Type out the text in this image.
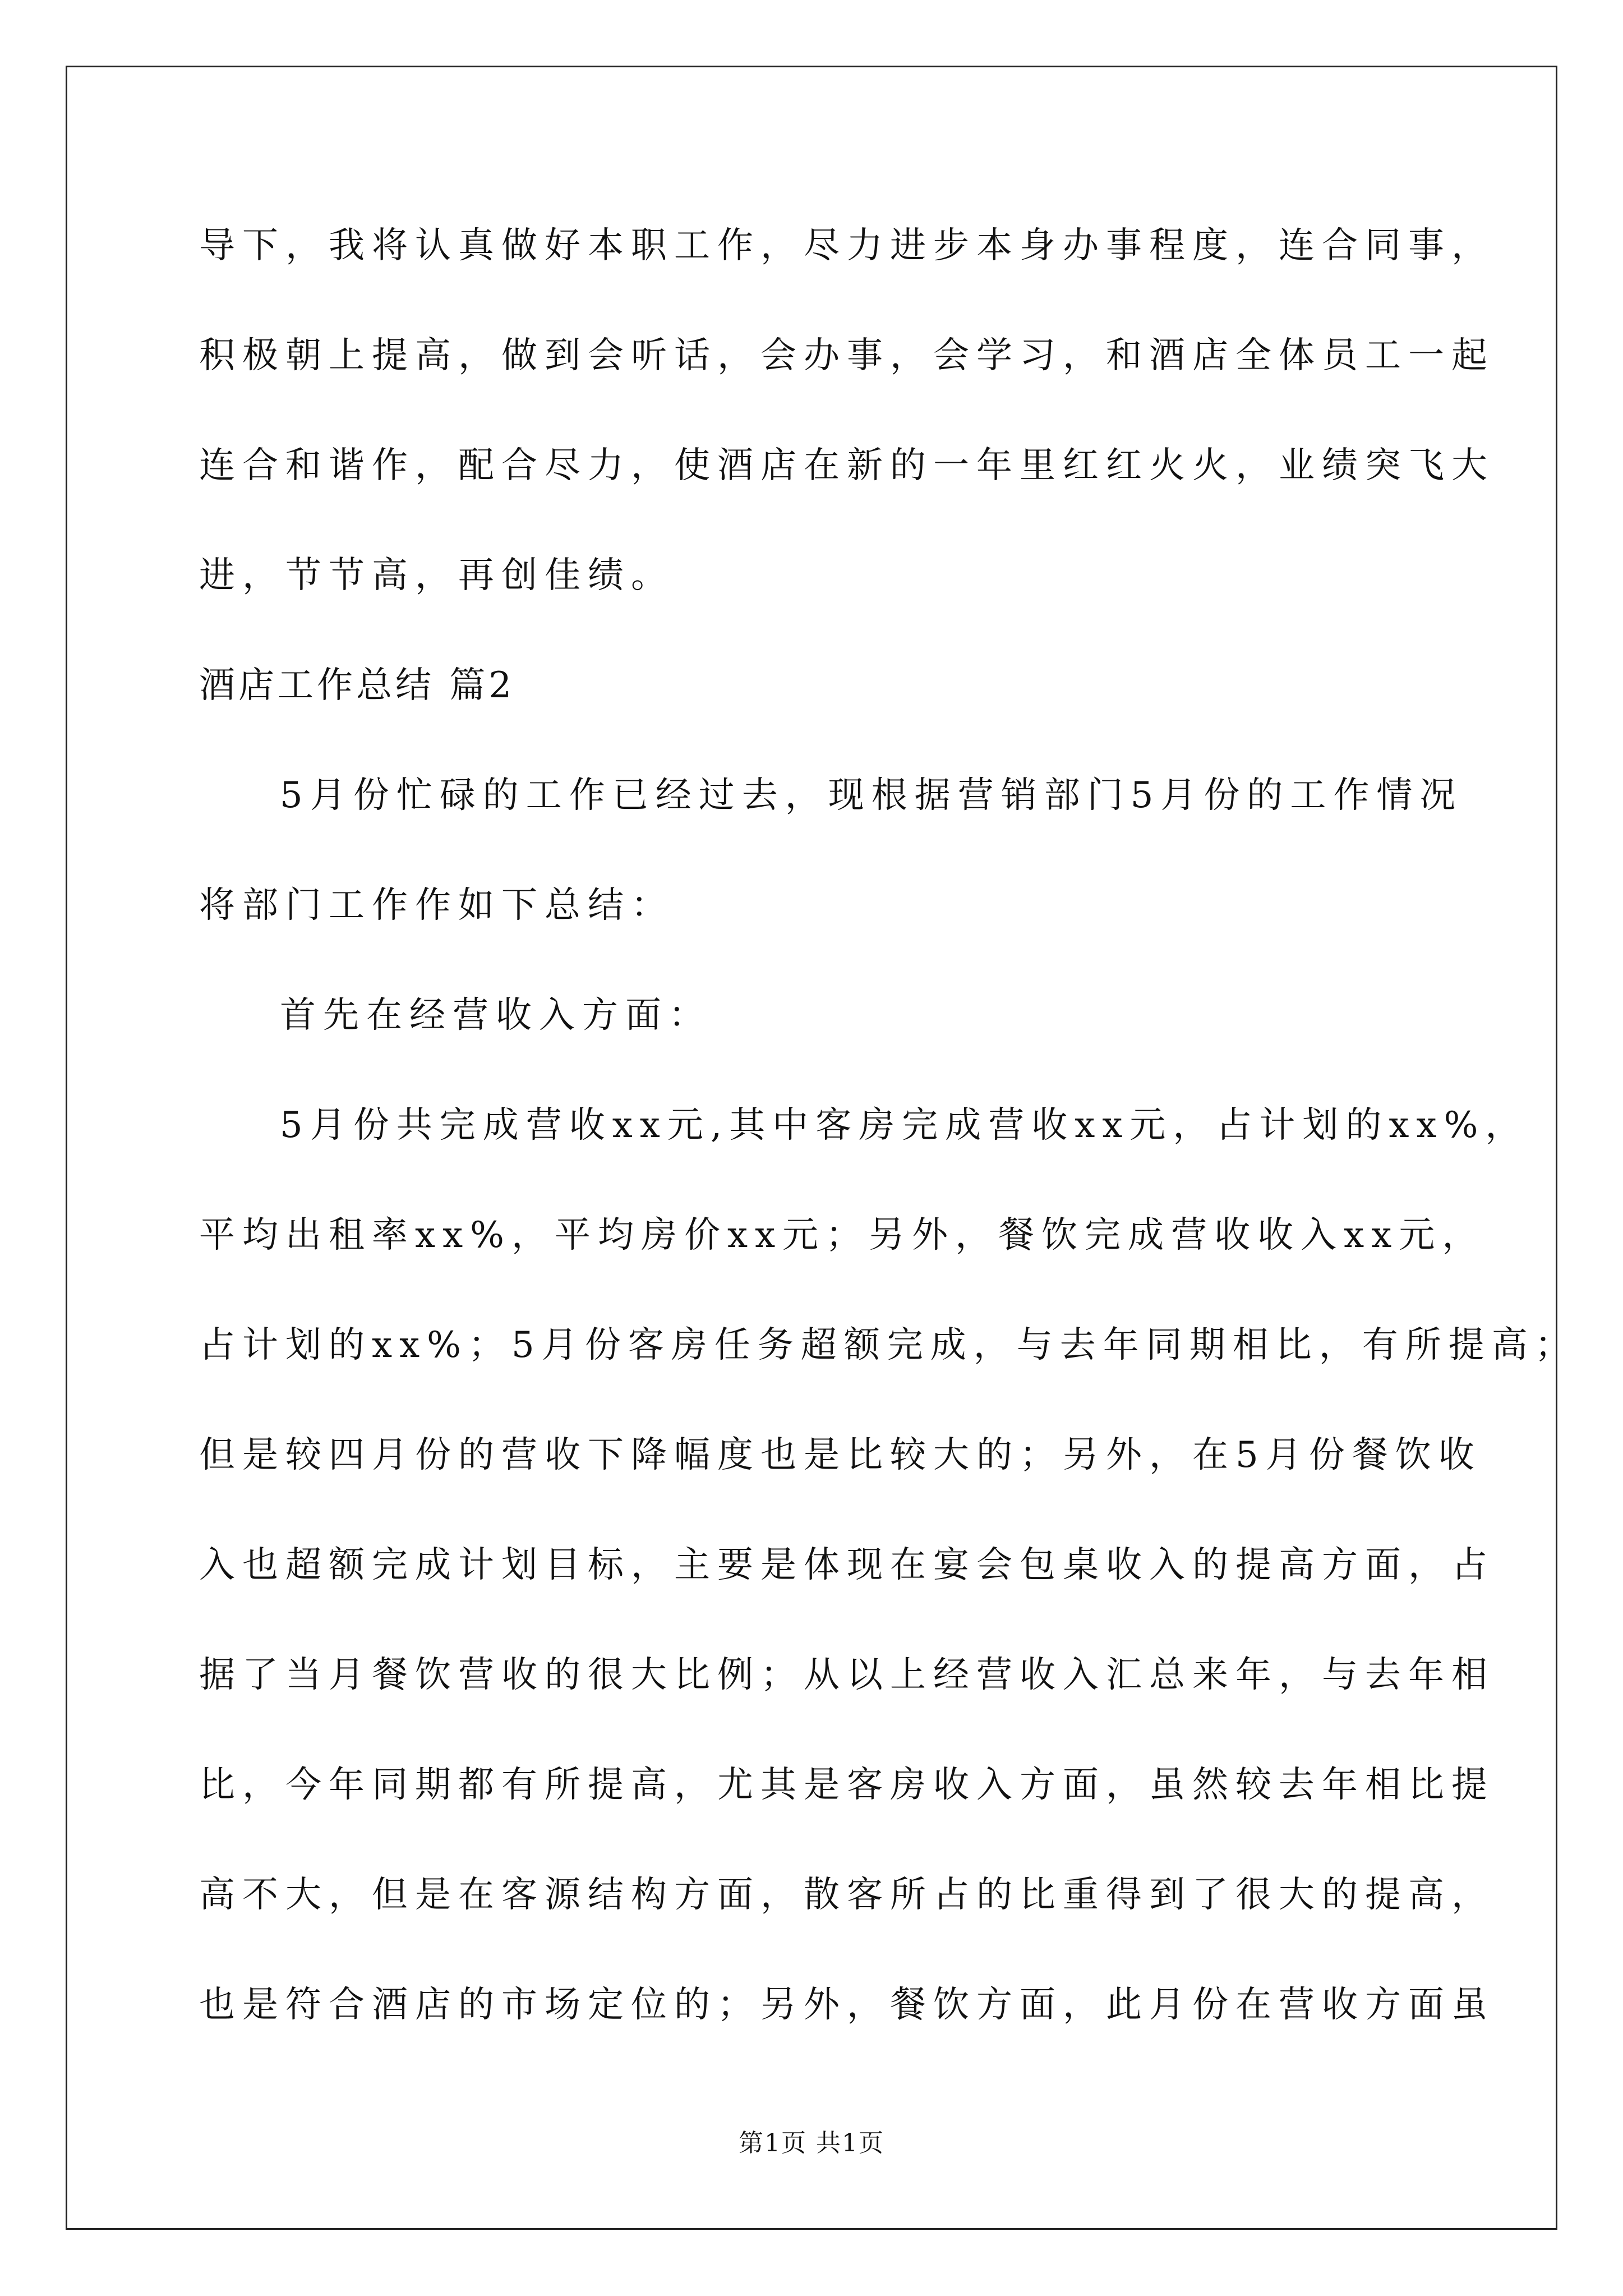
导下，我将认真做好本职工作，尽力进步本身办事程度，连合同事，
积极朝上提高，做到会听话，会办事，会学习，和酒店全体员工一起
连合和谐作，配合尽力，使酒店在新的一年里红红火火，业绩突飞大
进，节节高，再创佳绩。
酒店工作总结 篇2
5月份忙碌的工作已经过去，现根据营销部门5月份的工作情况
将部门工作作如下总结：
首先在经营收入方面：
5月份共完成营收xx元,其中客房完成营收xx元，占计划的xx%，
平均出租率xx%，平均房价xx元；另外，餐饮完成营收收入xx元，
占计划的xx%；5月份客房任务超额完成，与去年同期相比，有所提高；
但是较四月份的营收下降幅度也是比较大的；另外，在5月份餐饮收
入也超额完成计划目标，主要是体现在宴会包桌收入的提高方面，占
据了当月餐饮营收的很大比例；从以上经营收入汇总来年，与去年相
比，今年同期都有所提高，尤其是客房收入方面，虽然较去年相比提
高不大，但是在客源结构方面，散客所占的比重得到了很大的提高，
也是符合酒店的市场定位的；另外，餐饮方面，此月份在营收方面虽
第1页 共1页
